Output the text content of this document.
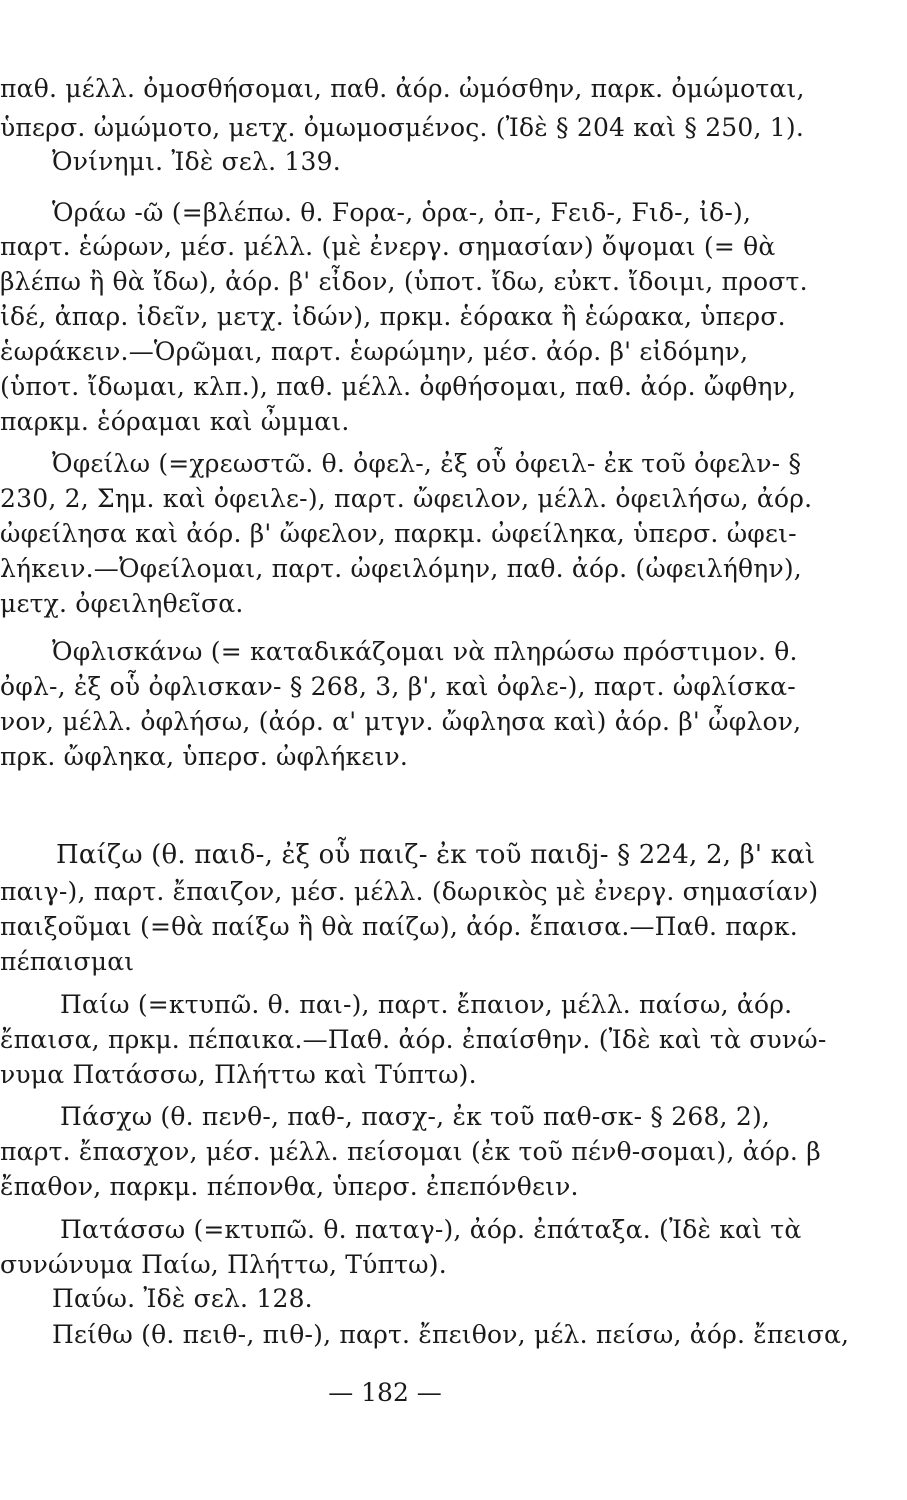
παθ. μέλλ. ὀμοσθήσομαι, παθ. ἀόρ. ὠμόσθην, παρκ. ὀμώμοται,
ὑπερσ. ὠμώμοτο, μετχ. ὀμωμοσμένος. (Ἰδὲ § 204 καὶ § 250, 1).
Ὀνίνημι. Ἰδὲ σελ. 139.
Ὁράω -ῶ (=βλέπω. θ. Ϝορα-, ὁρα-, ὀπ-, Ϝειδ-, Ϝιδ-, ἰδ-),
παρτ. ἑώρων, μέσ. μέλλ. (μὲ ἐνεργ. σημασίαν) ὄψομαι (= θὰ
βλέπω ἢ θὰ ἴδω), ἀόρ. β' εἶδον, (ὑποτ. ἴδω, εὐκτ. ἴδοιμι, προστ.
ἰδέ, ἀπαρ. ἰδεῖν, μετχ. ἰδών), πρκμ. ἑόρακα ἢ ἑώρακα, ὑπερσ.
ἑωράκειν.—Ὁρῶμαι, παρτ. ἑωρώμην, μέσ. ἀόρ. β' εἰδόμην,
(ὑποτ. ἴδωμαι, κλπ.), παθ. μέλλ. ὀφθήσομαι, παθ. ἀόρ. ὤφθην,
παρκμ. ἑόραμαι καὶ ὦμμαι.
Ὀφείλω (=χρεωστῶ. θ. ὀφελ-, ἐξ οὗ ὀφειλ- ἐκ τοῦ ὀφελν- §
230, 2, Σημ. καὶ ὀφειλε-), παρτ. ὤφειλον, μέλλ. ὀφειλήσω, ἀόρ.
ὠφείλησα καὶ ἀόρ. β' ὤφελον, παρκμ. ὠφείληκα, ὑπερσ. ὠφει-
λήκειν.—Ὀφείλομαι, παρτ. ὠφειλόμην, παθ. ἀόρ. (ὠφειλήθην),
μετχ. ὀφειληθεῖσα.
Ὀφλισκάνω (= καταδικάζομαι νὰ πληρώσω πρόστιμον. θ.
ὀφλ-, ἐξ οὗ ὀφλισκαν- § 268, 3, β', καὶ ὀφλε-), παρτ. ὠφλίσκα-
νον, μέλλ. ὀφλήσω, (ἀόρ. α' μτγν. ὤφλησα καὶ) ἀόρ. β' ὦφλον,
πρκ. ὤφληκα, ὑπερσ. ὠφλήκειν.
Παίζω (θ. παιδ-, ἐξ οὗ παιζ- ἐκ τοῦ παιδj- § 224, 2, β' καὶ
παιγ-), παρτ. ἔπαιζον, μέσ. μέλλ. (δωρικὸς μὲ ἐνεργ. σημασίαν)
παιξοῦμαι (=θὰ παίξω ἢ θὰ παίζω), ἀόρ. ἔπαισα.—Παθ. παρκ.
πέπαισμαι
Παίω (=κτυπῶ. θ. παι-), παρτ. ἔπαιον, μέλλ. παίσω, ἀόρ.
ἔπαισα, πρκμ. πέπαικα.—Παθ. ἀόρ. ἐπαίσθην. (Ἰδὲ καὶ τὰ συνώ-
νυμα Πατάσσω, Πλήττω καὶ Τύπτω).
Πάσχω (θ. πενθ-, παθ-, πασχ-, ἐκ τοῦ παθ-σκ- § 268, 2),
παρτ. ἔπασχον, μέσ. μέλλ. πείσομαι (ἐκ τοῦ πένθ-σομαι), ἀόρ. β
ἔπαθον, παρκμ. πέπονθα, ὑπερσ. ἐπεπόνθειν.
Πατάσσω (=κτυπῶ. θ. παταγ-), ἀόρ. ἐπάταξα. (Ἰδὲ καὶ τὰ
συνώνυμα Παίω, Πλήττω, Τύπτω).
Παύω. Ἰδὲ σελ. 128.
Πείθω (θ. πειθ-, πιθ-), παρτ. ἔπειθον, μέλ. πείσω, ἀόρ. ἔπεισα,
— 182 —
